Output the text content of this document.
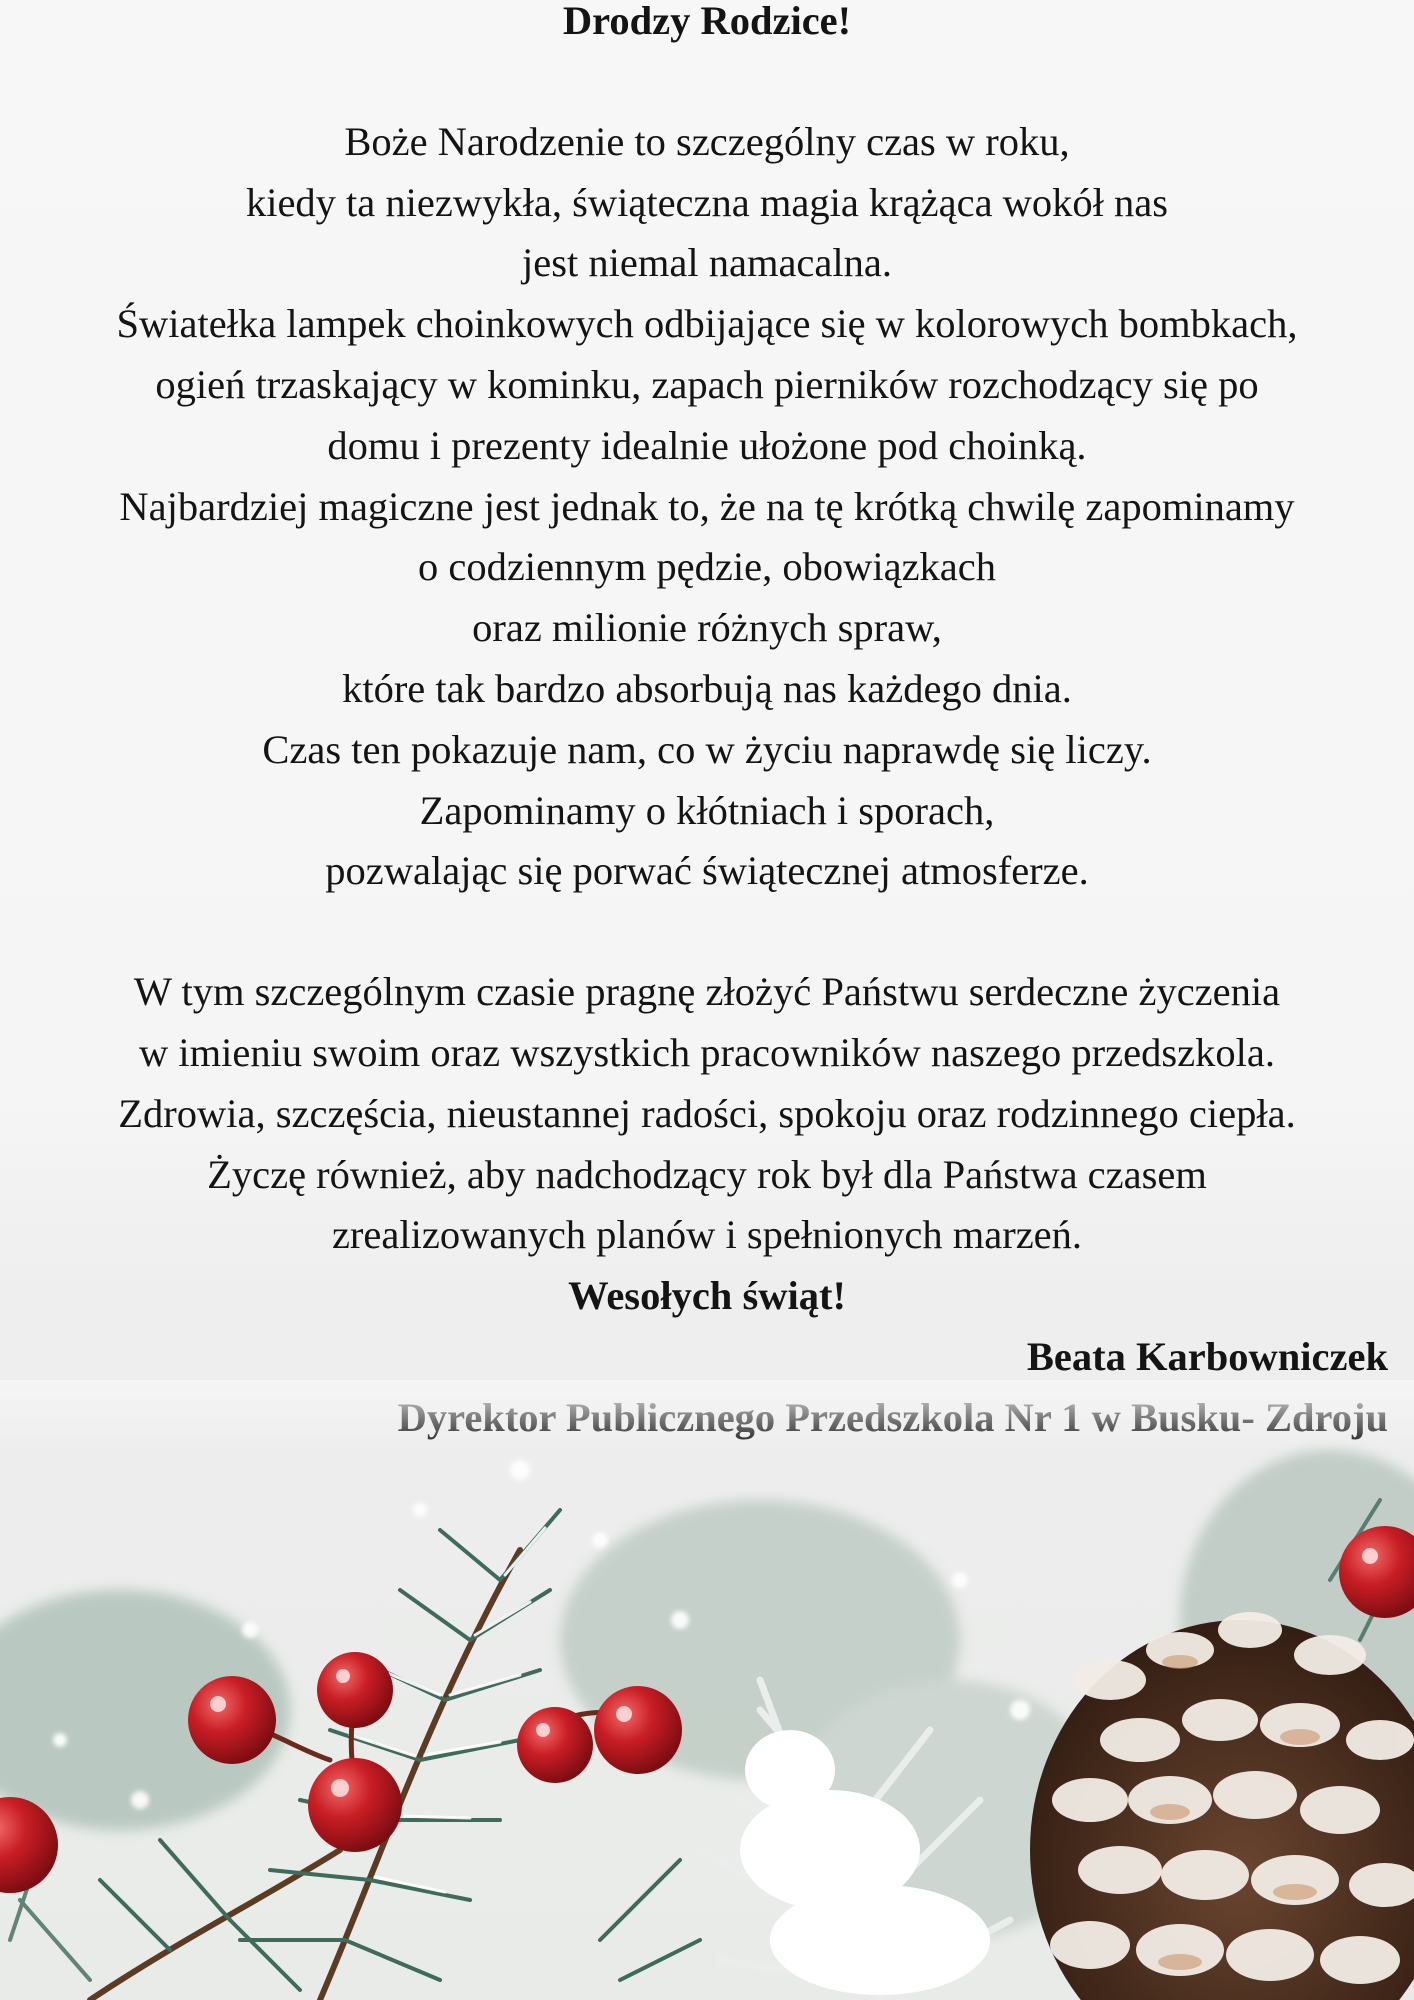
Drodzy Rodzice!
Boże Narodzenie to szczególny czas w roku,
kiedy ta niezwykła, świąteczna magia krążąca wokół nas
jest niemal namacalna.
Światełka lampek choinkowych odbijające się w kolorowych bombkach,
ogień trzaskający w kominku, zapach pierników rozchodzący się po
domu i prezenty idealnie ułożone pod choinką.
Najbardziej magiczne jest jednak to, że na tę krótką chwilę zapominamy
o codziennym pędzie, obowiązkach
oraz milionie różnych spraw,
które tak bardzo absorbują nas każdego dnia.
Czas ten pokazuje nam, co w życiu naprawdę się liczy.
Zapominamy o kłótniach i sporach,
pozwalając się porwać świątecznej atmosferze.
W tym szczególnym czasie pragnę złożyć Państwu serdeczne życzenia
w imieniu swoim oraz wszystkich pracowników naszego przedszkola.
Zdrowia, szczęścia, nieustannej radości, spokoju oraz rodzinnego ciepła.
Życzę również, aby nadchodzący rok był dla Państwa czasem
zrealizowanych planów i spełnionych marzeń.
Wesołych świąt!
Beata Karbowniczek
